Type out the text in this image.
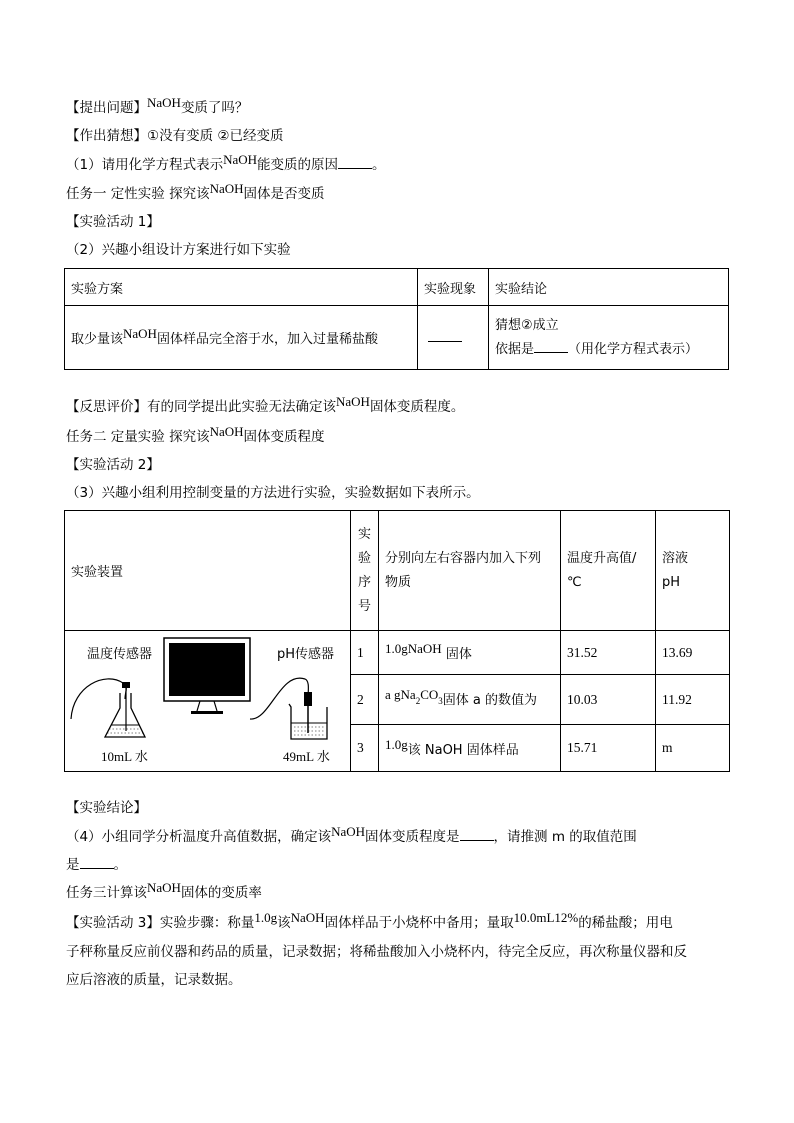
【提出问题】NaOH变质了吗？
【作出猜想】①没有变质 ②已经变质
（1）请用化学方程式表示NaOH能变质的原因	。
任务一 定性实验 探究该NaOH固体是否变质
【实验活动 1】
（2）兴趣小组设计方案进行如下实验
实验方案	实验现象	实验结论
取少量该NaOH固体样品完全溶于水，加入过量稀盐酸		猜想②成立
依据是 （用化学方程式表示）
【反思评价】有的同学提出此实验无法确定该NaOH固体变质程度。
任务二 定量实验 探究该NaOH固体变质程度
【实验活动 2】
（3）兴趣小组利用控制变量的方法进行实验，实验数据如下表所示。
实验装置	实
验
序
号	分别向左右容器内加入下列物质	温度升高值/℃	溶液pH

温度传感器 pH传感器
10mL 水 49mL 水	1	1.0gNaOH 固体	31.52	13.69
	2	a $gNa_2CO_3$固体 a 的数值为	10.03	11.92
	3	1.0g该 NaOH 固体样品	15.71	m
【实验结论】
（4）小组同学分析温度升高值数据，确定该NaOH固体变质程度是	，请推测 m 的取值范围
是	。
任务三计算该NaOH固体的变质率
【实验活动 3】实验步骤：称量1.0g该NaOH固体样品于小烧杯中备用；量取10.0mL12%的稀盐酸；用电
子秤称量反应前仪器和药品的质量，记录数据；将稀盐酸加入小烧杯内，待完全反应，再次称量仪器和反
应后溶液的质量，记录数据。
